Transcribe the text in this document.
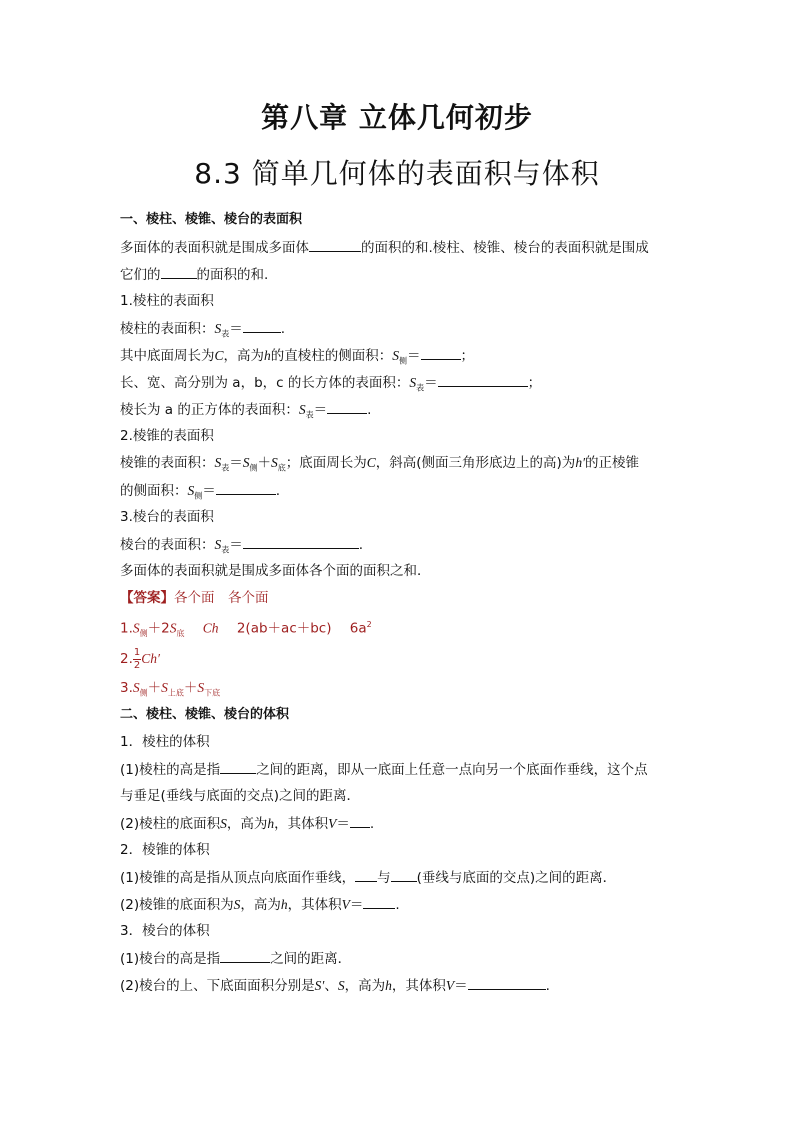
第八章 立体几何初步
8.3 简单几何体的表面积与体积
一、棱柱、棱锥、棱台的表面积
多面体的表面积就是围成多面体	的面积的和.棱柱、棱锥、棱台的表面积就是围成
它们的	的面积的和.
1.棱柱的表面积
棱柱的表面积：$S_表=$	.
其中底面周长为C，高为h的直棱柱的侧面积：$S_侧=$	；
长、宽、高分别为 a，b，c 的长方体的表面积：$S_表=$	；
棱长为 a 的正方体的表面积：$S_表=$	.
2.棱锥的表面积
棱锥的表面积：$S_表=S_侧+S_底$；底面周长为C，斜高(侧面三角形底边上的高)为h′的正棱锥
的侧面积：$S_侧=$	.
3.棱台的表面积
棱台的表面积：$S_表=$	.
多面体的表面积就是围成多面体各个面的面积之和．
【答案】各个面　各个面
$1.S_侧+2S_底$ Ch 2(ab＋ac＋bc) $6a^2$
2. $\frac{1}{2} Ch'$
$3.S_侧+S_{上底}+S_{下底}$
二、棱柱、棱锥、棱台的体积
1．棱柱的体积
(1)棱柱的高是指	之间的距离，即从一底面上任意一点向另一个底面作垂线，这个点
与垂足(垂线与底面的交点)之间的距离．
(2)棱柱的底面积S，高为h，其体积V＝ .
2．棱锥的体积
(1)棱锥的高是指从顶点向底面作垂线， 与 (垂线与底面的交点)之间的距离．
(2)棱锥的底面积为S，高为h，其体积V＝ .
3．棱台的体积
(1)棱台的高是指	之间的距离．
(2)棱台的上、下底面面积分别是S′、S，高为h，其体积V＝	.
